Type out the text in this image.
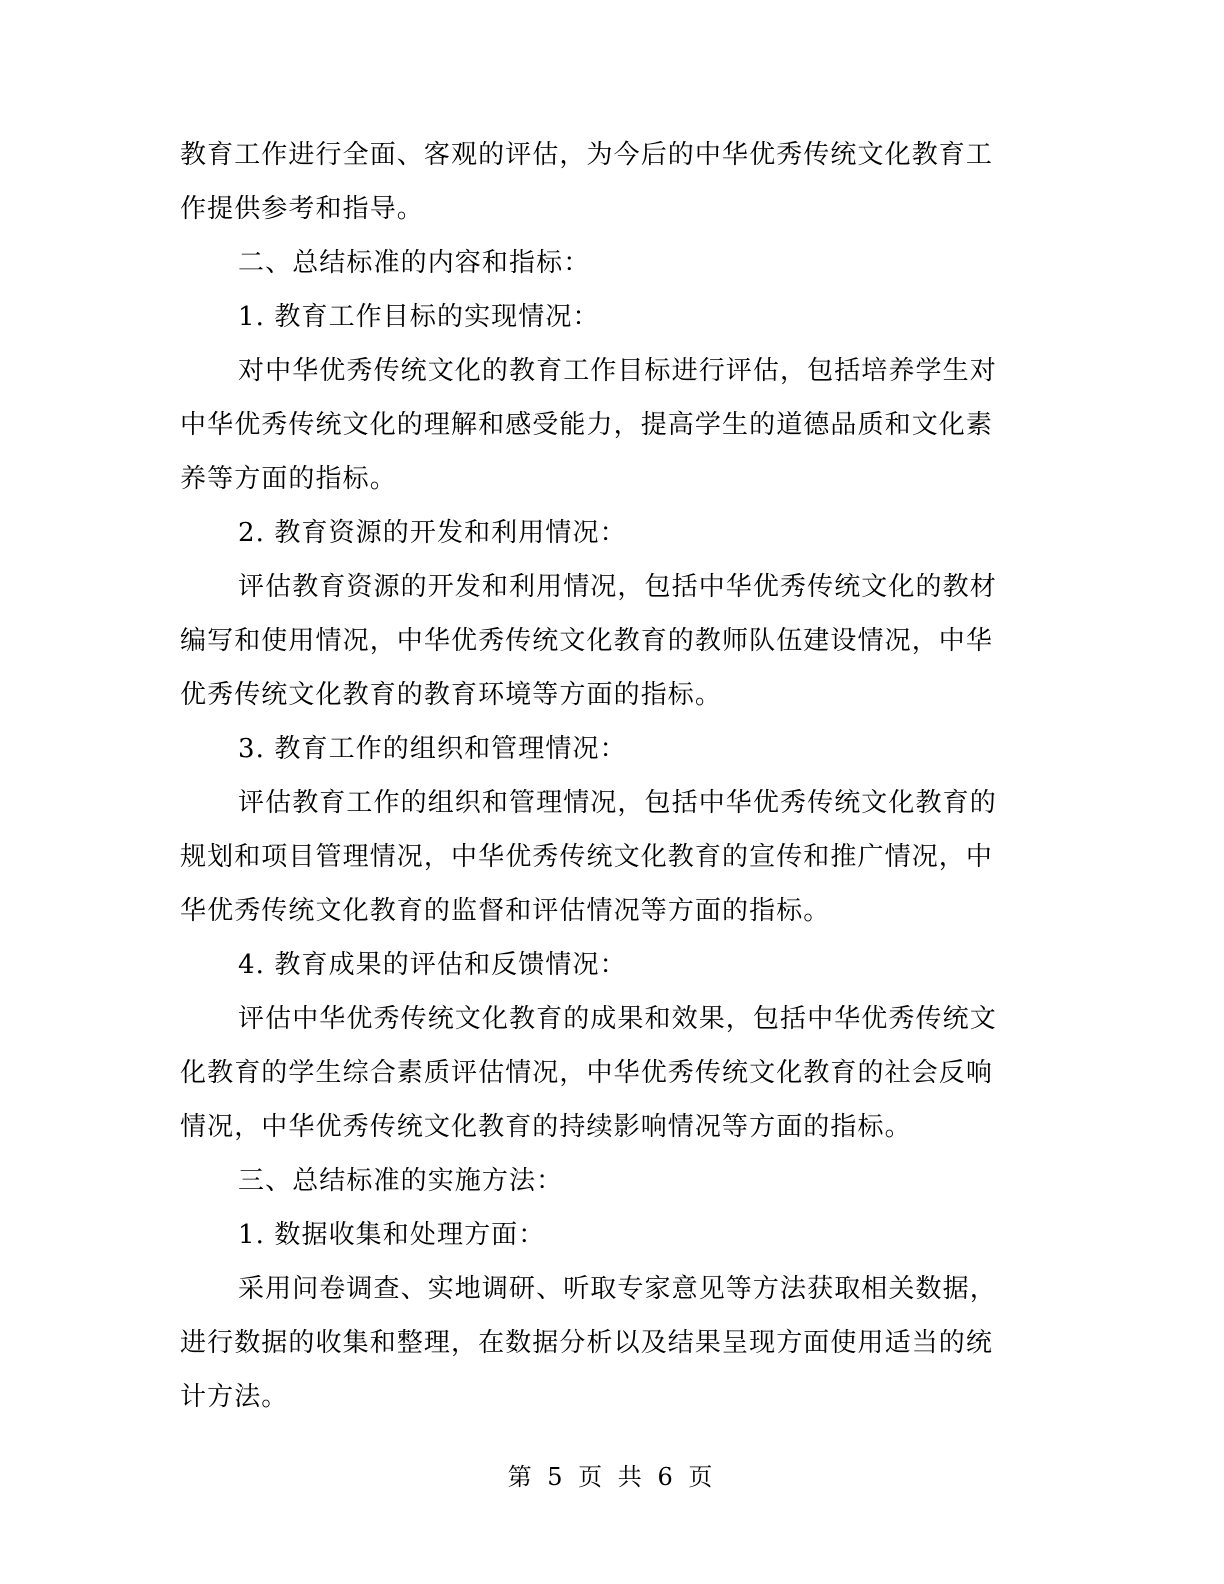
教育工作进行全面、客观的评估，为今后的中华优秀传统文化教育工
作提供参考和指导。
二、总结标准的内容和指标：
1. 教育工作目标的实现情况：
对中华优秀传统文化的教育工作目标进行评估，包括培养学生对
中华优秀传统文化的理解和感受能力，提高学生的道德品质和文化素
养等方面的指标。
2. 教育资源的开发和利用情况：
评估教育资源的开发和利用情况，包括中华优秀传统文化的教材
编写和使用情况，中华优秀传统文化教育的教师队伍建设情况，中华
优秀传统文化教育的教育环境等方面的指标。
3. 教育工作的组织和管理情况：
评估教育工作的组织和管理情况，包括中华优秀传统文化教育的
规划和项目管理情况，中华优秀传统文化教育的宣传和推广情况，中
华优秀传统文化教育的监督和评估情况等方面的指标。
4. 教育成果的评估和反馈情况：
评估中华优秀传统文化教育的成果和效果，包括中华优秀传统文
化教育的学生综合素质评估情况，中华优秀传统文化教育的社会反响
情况，中华优秀传统文化教育的持续影响情况等方面的指标。
三、总结标准的实施方法：
1. 数据收集和处理方面：
采用问卷调查、实地调研、听取专家意见等方法获取相关数据，
进行数据的收集和整理，在数据分析以及结果呈现方面使用适当的统
计方法。
第 5 页 共 6 页
